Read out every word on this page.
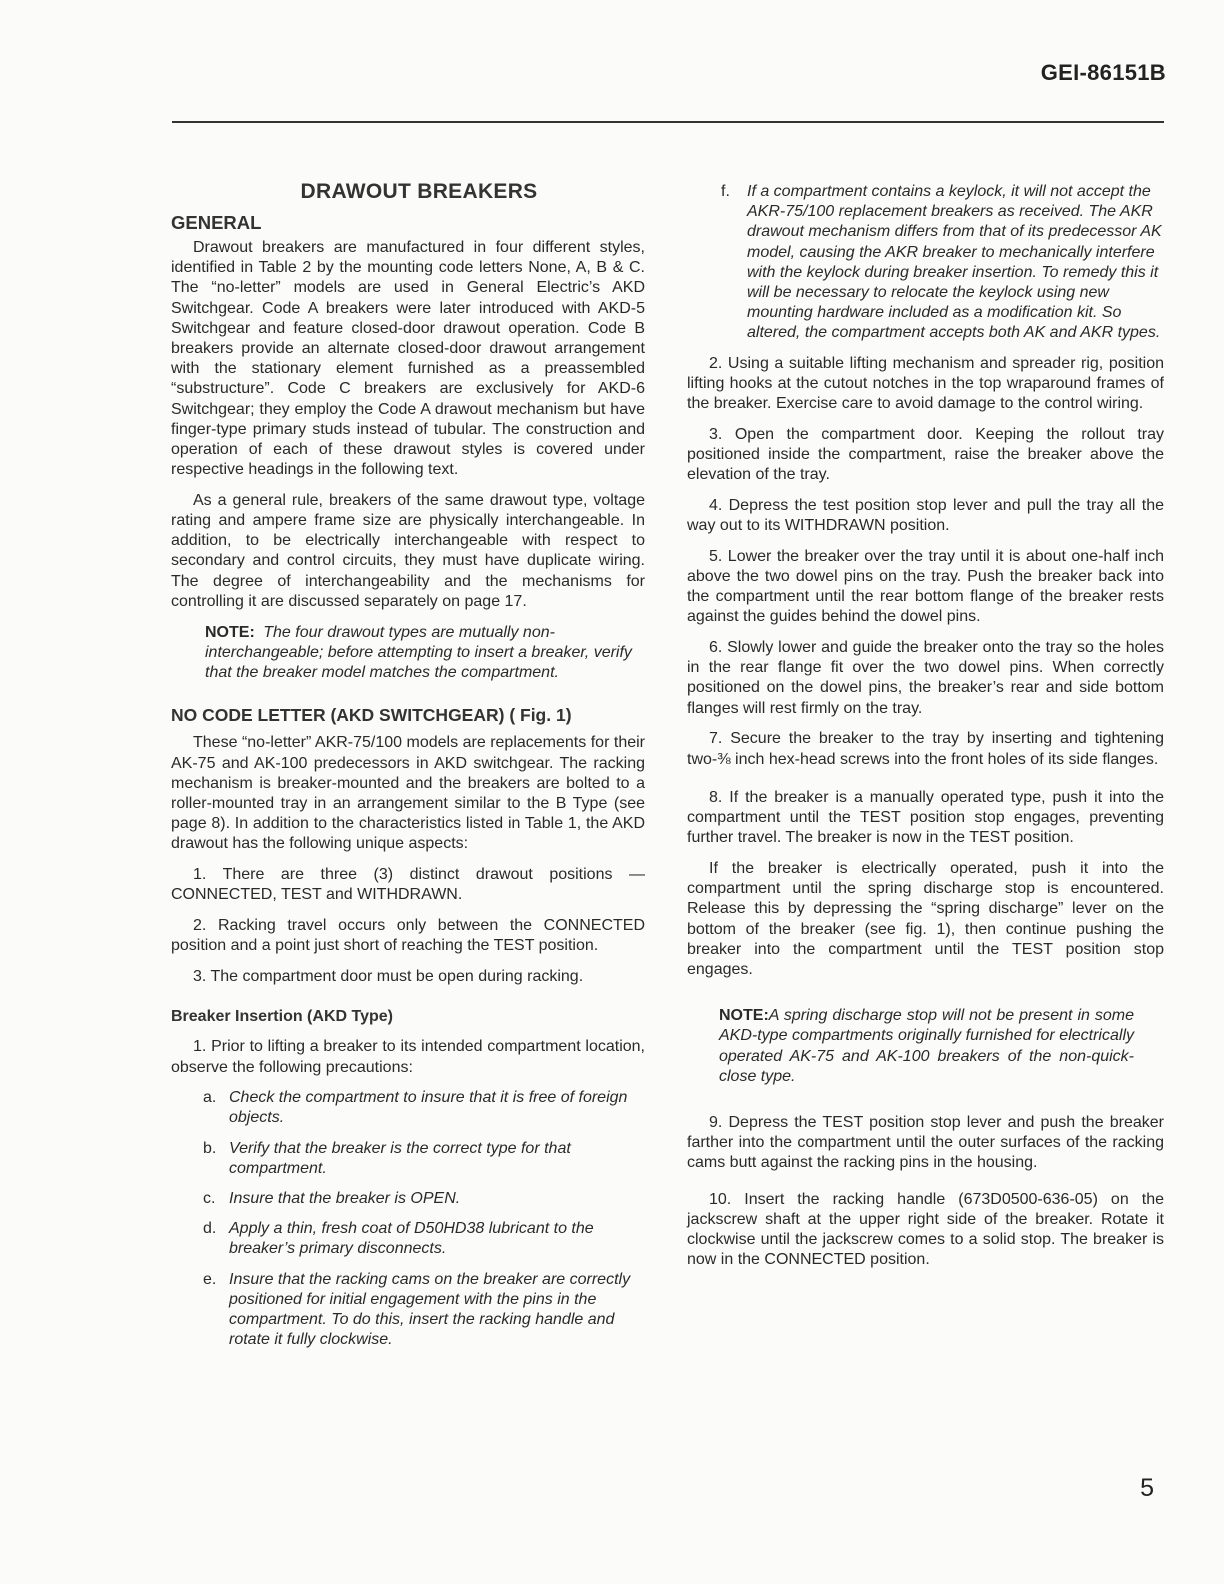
GEI-86151B

DRAWOUT BREAKERS

GENERAL

Drawout breakers are manufactured in four different styles, identified in Table 2 by the mounting code letters None, A, B & C. The “no-letter” models are used in General Electric’s AKD Switchgear. Code A breakers were later introduced with AKD-5 Switchgear and feature closed-door drawout operation. Code B breakers provide an alternate closed-door drawout arrangement with the stationary element furnished as a preassembled “substructure”. Code C breakers are exclusively for AKD-6 Switchgear; they employ the Code A drawout mechanism but have finger-type primary studs instead of tubular. The construction and operation of each of these drawout styles is covered under respective headings in the following text.

As a general rule, breakers of the same drawout type, voltage rating and ampere frame size are physically interchangeable. In addition, to be electrically interchangeable with respect to secondary and control circuits, they must have duplicate wiring. The degree of interchangeability and the mechanisms for controlling it are discussed separately on page 17.

NOTE: The four drawout types are mutually non-interchangeable; before attempting to insert a breaker, verify that the breaker model matches the compartment.
NO CODE LETTER (AKD SWITCHGEAR) ( Fig. 1)

These “no-letter” AKR-75/100 models are replacements for their AK-75 and AK-100 predecessors in AKD switchgear. The racking mechanism is breaker-mounted and the breakers are bolted to a roller-mounted tray in an arrangement similar to the B Type (see page 8). In addition to the characteristics listed in Table 1, the AKD drawout has the following unique aspects:

1. There are three (3) distinct drawout positions — CONNECTED, TEST and WITHDRAWN.

2. Racking travel occurs only between the CONNECTED position and a point just short of reaching the TEST position.

3. The compartment door must be open during racking.

Breaker Insertion (AKD Type)

1. Prior to lifting a breaker to its intended compartment location, observe the following precautions:

a. Check the compartment to insure that it is free of foreign objects.
b. Verify that the breaker is the correct type for that compartment.
c. Insure that the breaker is OPEN.
d. Apply a thin, fresh coat of D50HD38 lubricant to the breaker’s primary disconnects.
e. Insure that the racking cams on the breaker are correctly positioned for initial engagement with the pins in the compartment. To do this, insert the racking handle and rotate it fully clockwise.
f.	If a compartment contains a keylock, it will not accept the AKR-75/100 replacement breakers as received. The AKR drawout mechanism differs from that of its predecessor AK model, causing the AKR breaker to mechanically interfere with the keylock during breaker insertion. To remedy this it will be necessary to relocate the keylock using new mounting hardware included as a modification kit. So altered, the compartment accepts both AK and AKR types.

2. Using a suitable lifting mechanism and spreader rig, position lifting hooks at the cutout notches in the top wraparound frames of the breaker. Exercise care to avoid damage to the control wiring.

3. Open the compartment door. Keeping the rollout tray positioned inside the compartment, raise the breaker above the elevation of the tray.

4. Depress the test position stop lever and pull the tray all the way out to its WITHDRAWN position.

5. Lower the breaker over the tray until it is about one-half inch above the two dowel pins on the tray. Push the breaker back into the compartment until the rear bottom flange of the breaker rests against the guides behind the dowel pins.

6. Slowly lower and guide the breaker onto the tray so the holes in the rear flange fit over the two dowel pins. When correctly positioned on the dowel pins, the breaker’s rear and side bottom flanges will rest firmly on the tray.

7. Secure the breaker to the tray by inserting and tightening two-⅜ inch hex-head screws into the front holes of its side flanges.

8. If the breaker is a manually operated type, push it into the compartment until the TEST position stop engages, preventing further travel. The breaker is now in the TEST position.

If the breaker is electrically operated, push it into the compartment until the spring discharge stop is encountered. Release this by depressing the “spring discharge” lever on the bottom of the breaker (see fig. 1), then continue pushing the breaker into the compartment until the TEST position stop engages.

NOTE:A spring discharge stop will not be present in some AKD-type compartments originally furnished for electrically operated AK-75 and AK-100 breakers of the non-quick-close type.

9. Depress the TEST position stop lever and push the breaker farther into the compartment until the outer surfaces of the racking cams butt against the racking pins in the housing.

10. Insert the racking handle (673D0500-636-05) on the jackscrew shaft at the upper right side of the breaker. Rotate it clockwise until the jackscrew comes to a solid stop. The breaker is now in the CONNECTED position.

5
